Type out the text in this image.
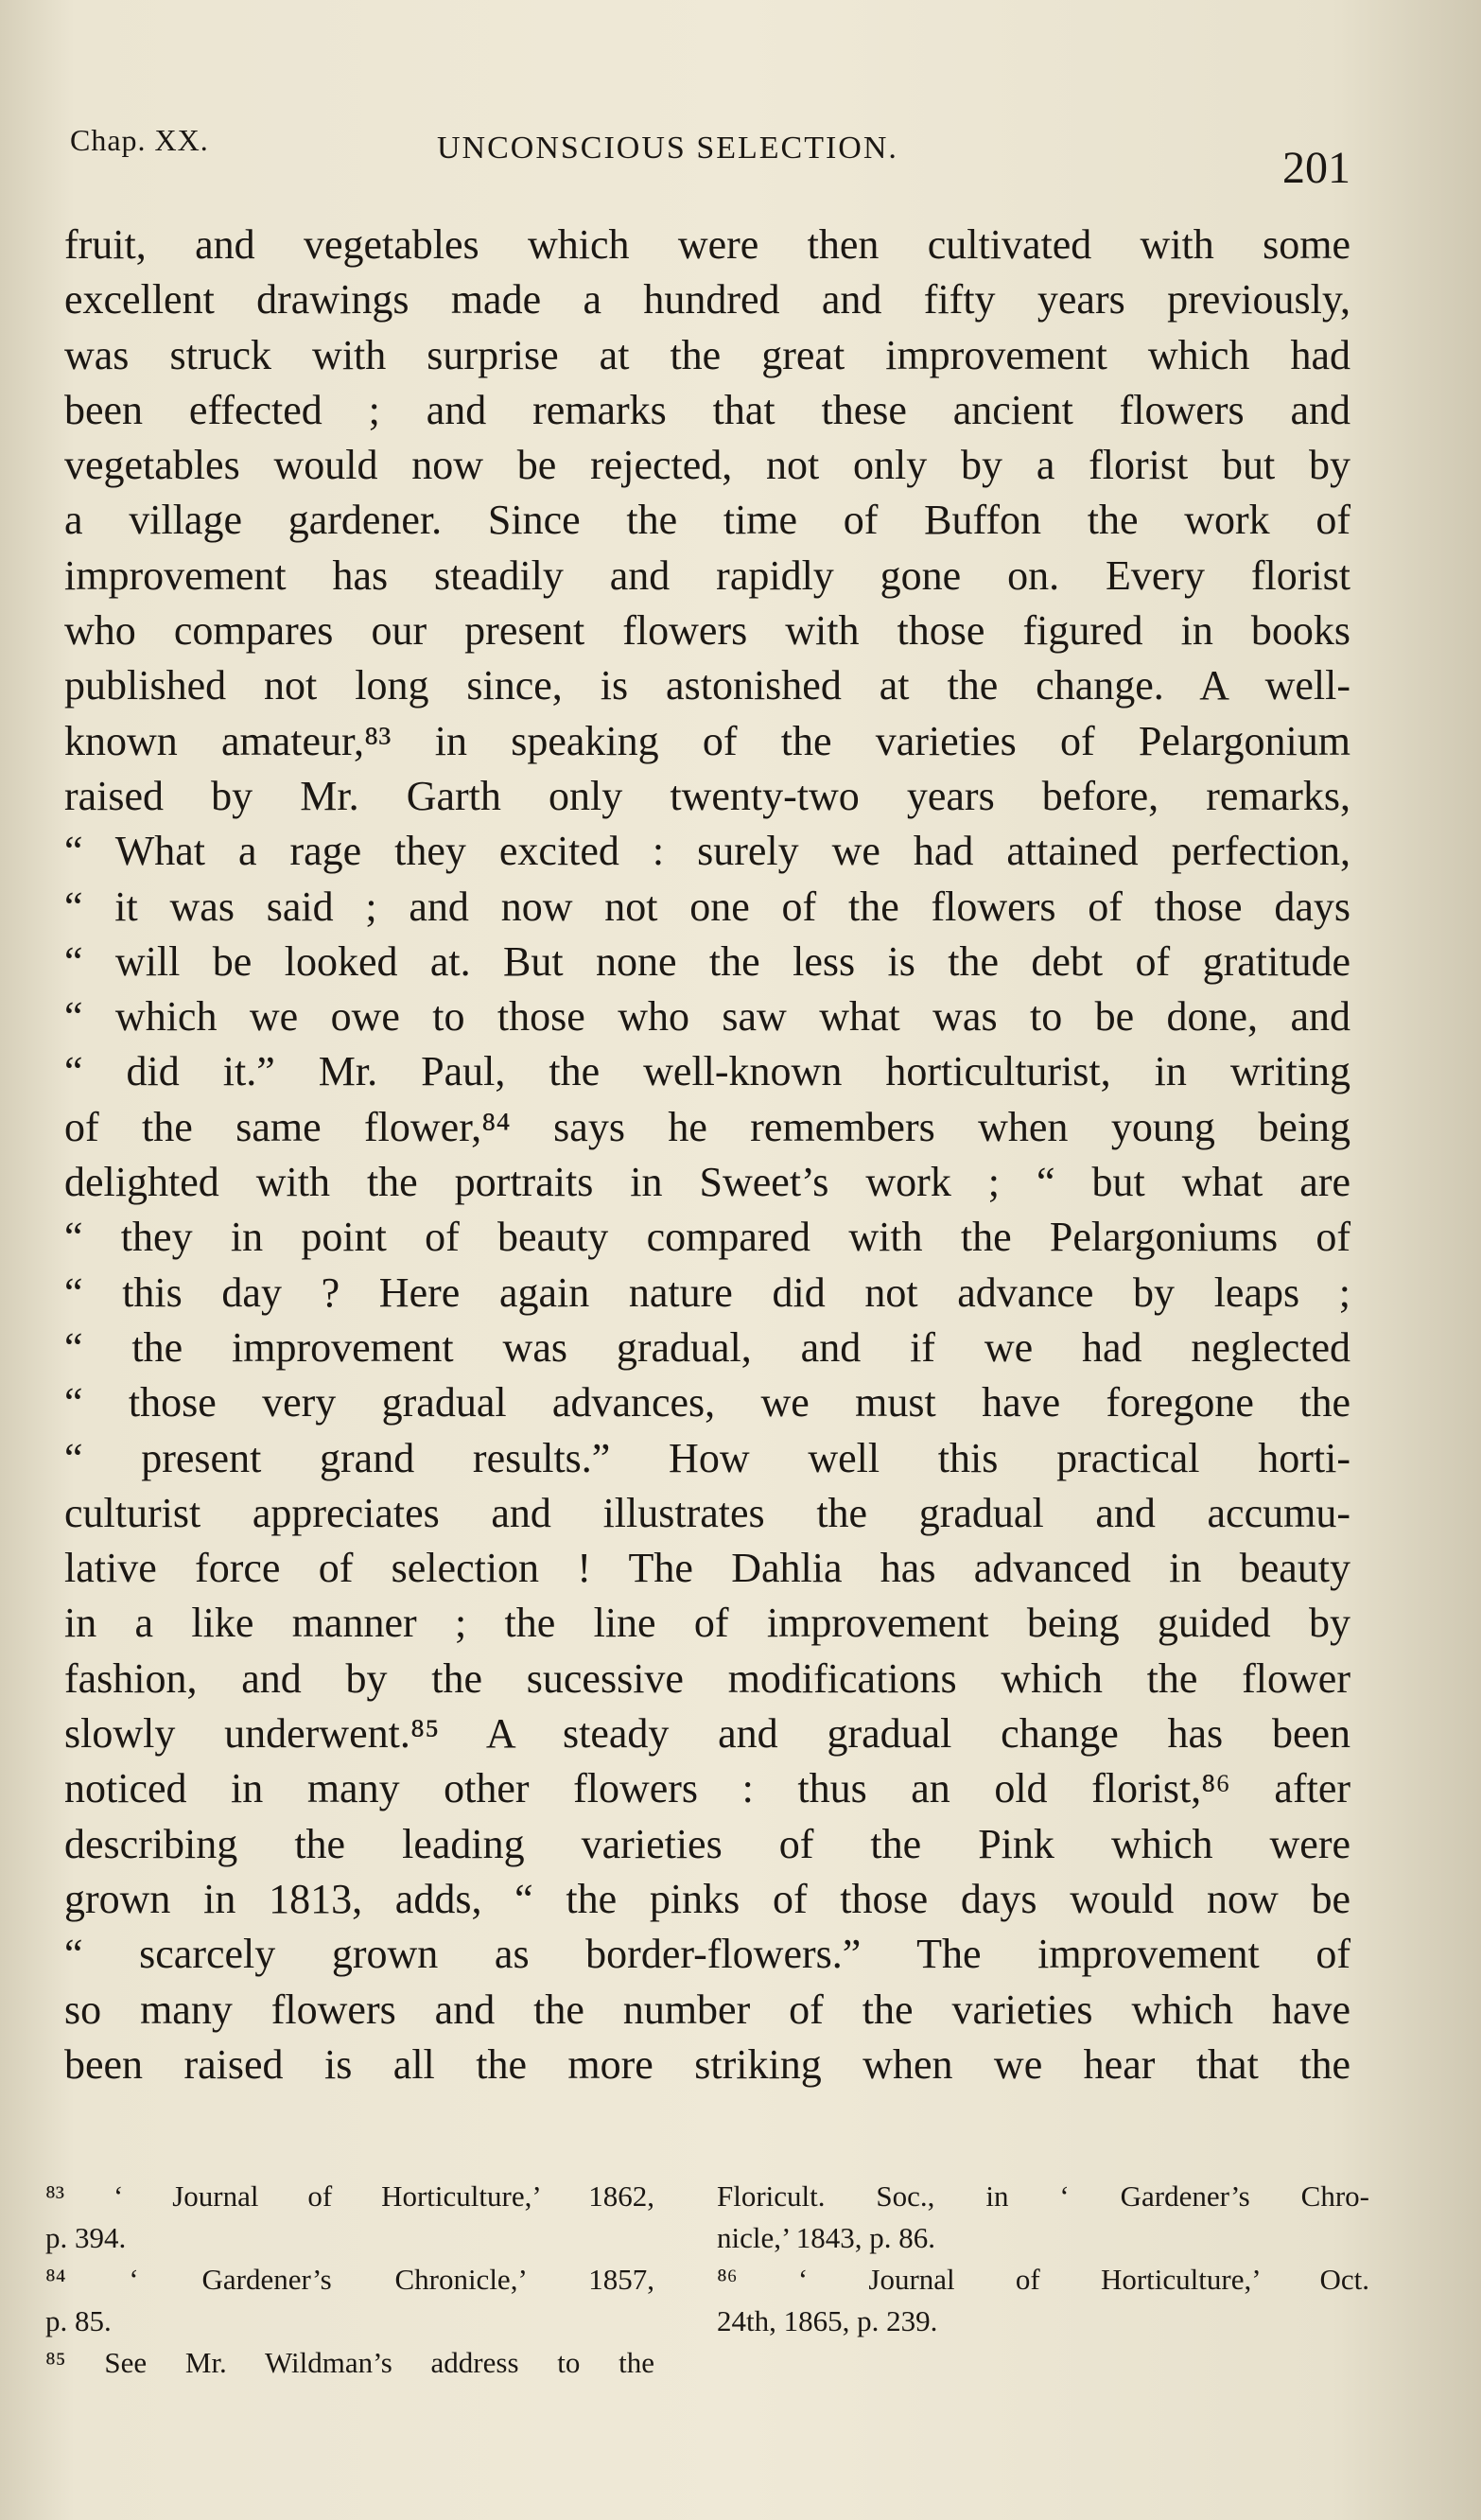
Chap. XX.	UNCONSCIOUS SELECTION.	201
fruit, and vegetables which were then cultivated with some
excellent drawings made a hundred and fifty years previously,
was struck with surprise at the great improvement which had
been effected ; and remarks that these ancient flowers and
vegetables would now be rejected, not only by a florist but by
a village gardener. Since the time of Buffon the work of
improvement has steadily and rapidly gone on. Every florist
who compares our present flowers with those figured in books
published not long since, is astonished at the change. A well-
known amateur,⁸³ in speaking of the varieties of Pelargonium
raised by Mr. Garth only twenty-two years before, remarks,
“ What a rage they excited : surely we had attained perfection,
“ it was said ; and now not one of the flowers of those days
“ will be looked at. But none the less is the debt of gratitude
“ which we owe to those who saw what was to be done, and
“ did it.” Mr. Paul, the well-known horticulturist, in writing
of the same flower,⁸⁴ says he remembers when young being
delighted with the portraits in Sweet’s work ; “ but what are
“ they in point of beauty compared with the Pelargoniums of
“ this day ? Here again nature did not advance by leaps ;
“ the improvement was gradual, and if we had neglected
“ those very gradual advances, we must have foregone the
“ present grand results.” How well this practical horti-
culturist appreciates and illustrates the gradual and accumu-
lative force of selection ! The Dahlia has advanced in beauty
in a like manner ; the line of improvement being guided by
fashion, and by the sucessive modifications which the flower
slowly underwent.⁸⁵ A steady and gradual change has been
noticed in many other flowers : thus an old florist,⁸⁶ after
describing the leading varieties of the Pink which were
grown in 1813, adds, “ the pinks of those days would now be
“ scarcely grown as border-flowers.” The improvement of
so many flowers and the number of the varieties which have
been raised is all the more striking when we hear that the
⁸³ ‘ Journal of Horticulture,’ 1862,
p. 394.
⁸⁴ ‘ Gardener’s Chronicle,’ 1857,
p. 85.
⁸⁵ See Mr. Wildman’s address to the
Floricult. Soc., in ‘ Gardener’s Chro-
nicle,’ 1843, p. 86.
⁸⁶ ‘ Journal of Horticulture,’ Oct.
24th, 1865, p. 239.
